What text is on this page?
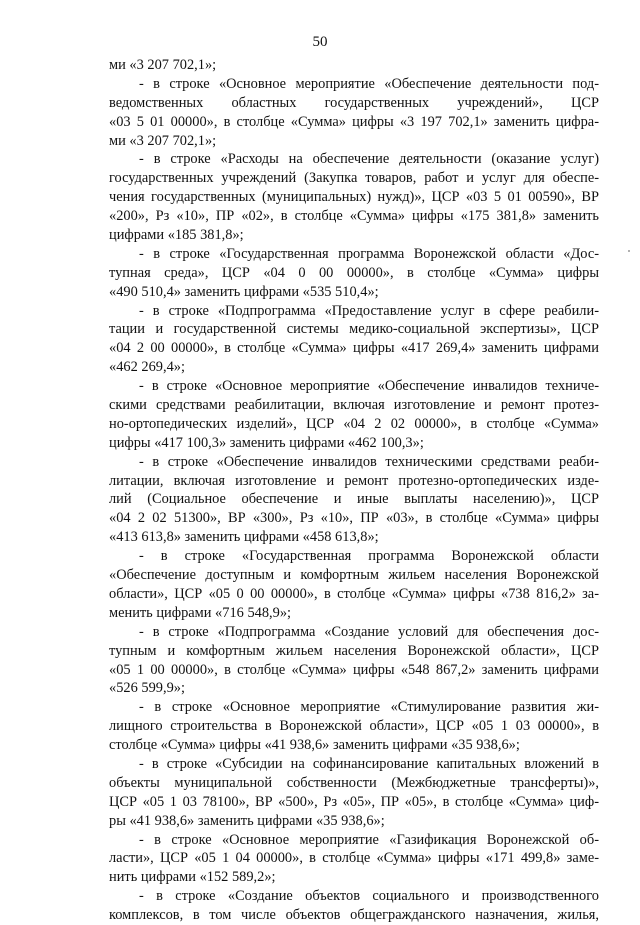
50
ми «3 207 702,1»;
- в строке «Основное мероприятие «Обеспечение деятельности под-
ведомственных областных государственных учреждений», ЦСР
«03 5 01 00000», в столбце «Сумма» цифры «3 197 702,1» заменить цифра-
ми «3 207 702,1»;
- в строке «Расходы на обеспечение деятельности (оказание услуг)
государственных учреждений (Закупка товаров, работ и услуг для обеспе-
чения государственных (муниципальных) нужд)», ЦСР «03 5 01 00590», ВР
«200», Рз «10», ПР «02», в столбце «Сумма» цифры «175 381,8» заменить
цифрами «185 381,8»;
- в строке «Государственная программа Воронежской области «Дос-
тупная среда», ЦСР «04 0 00 00000», в столбце «Сумма» цифры
«490 510,4» заменить цифрами «535 510,4»;
- в строке «Подпрограмма «Предоставление услуг в сфере реабили-
тации и государственной системы медико-социальной экспертизы», ЦСР
«04 2 00 00000», в столбце «Сумма» цифры «417 269,4» заменить цифрами
«462 269,4»;
- в строке «Основное мероприятие «Обеспечение инвалидов техниче-
скими средствами реабилитации, включая изготовление и ремонт протез-
но-ортопедических изделий», ЦСР «04 2 02 00000», в столбце «Сумма»
цифры «417 100,3» заменить цифрами «462 100,3»;
- в строке «Обеспечение инвалидов техническими средствами реаби-
литации, включая изготовление и ремонт протезно-ортопедических изде-
лий (Социальное обеспечение и иные выплаты населению)», ЦСР
«04 2 02 51300», ВР «300», Рз «10», ПР «03», в столбце «Сумма» цифры
«413 613,8» заменить цифрами «458 613,8»;
- в строке «Государственная программа Воронежской области
«Обеспечение доступным и комфортным жильем населения Воронежской
области», ЦСР «05 0 00 00000», в столбце «Сумма» цифры «738 816,2» за-
менить цифрами «716 548,9»;
- в строке «Подпрограмма «Создание условий для обеспечения дос-
тупным и комфортным жильем населения Воронежской области», ЦСР
«05 1 00 00000», в столбце «Сумма» цифры «548 867,2» заменить цифрами
«526 599,9»;
- в строке «Основное мероприятие «Стимулирование развития жи-
лищного строительства в Воронежской области», ЦСР «05 1 03 00000», в
столбце «Сумма» цифры «41 938,6» заменить цифрами «35 938,6»;
- в строке «Субсидии на софинансирование капитальных вложений в
объекты муниципальной собственности (Межбюджетные трансферты)»,
ЦСР «05 1 03 78100», ВР «500», Рз «05», ПР «05», в столбце «Сумма» циф-
ры «41 938,6» заменить цифрами «35 938,6»;
- в строке «Основное мероприятие «Газификация Воронежской об-
ласти», ЦСР «05 1 04 00000», в столбце «Сумма» цифры «171 499,8» заме-
нить цифрами «152 589,2»;
- в строке «Создание объектов социального и производственного
комплексов, в том числе объектов общегражданского назначения, жилья,
